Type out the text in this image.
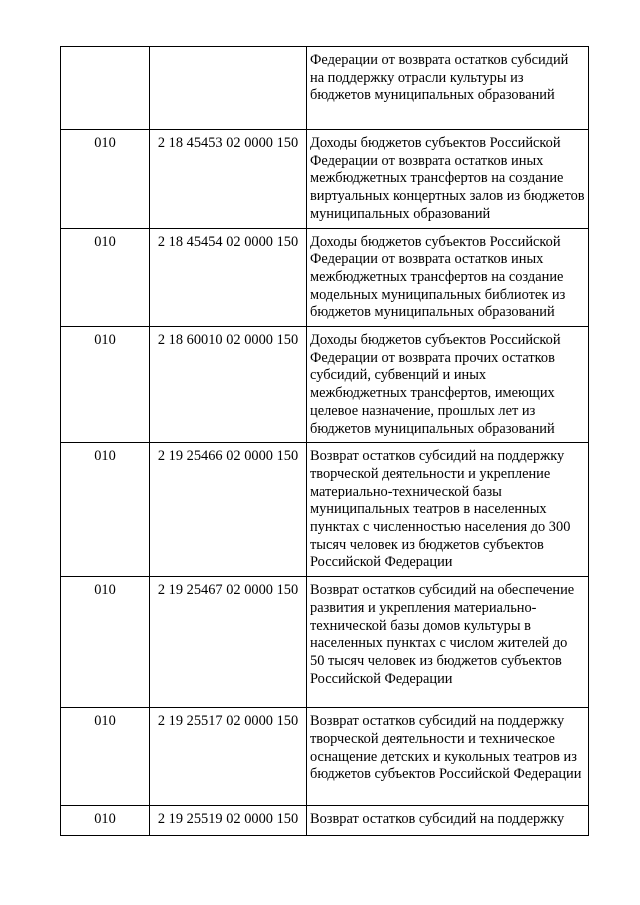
		Федерации от возврата остатков субсидий на поддержку отрасли культуры из бюджетов муниципальных образований
010	2 18 45453 02 0000 150	Доходы бюджетов субъектов Российской Федерации от возврата остатков иных межбюджетных трансфертов на создание виртуальных концертных залов из бюджетов муниципальных образований
010	2 18 45454 02 0000 150	Доходы бюджетов субъектов Российской Федерации от возврата остатков иных межбюджетных трансфертов на создание модельных муниципальных библиотек из бюджетов муниципальных образований
010	2 18 60010 02 0000 150	Доходы бюджетов субъектов Российской Федерации от возврата прочих остатков субсидий, субвенций и иных межбюджетных трансфертов, имеющих целевое назначение, прошлых лет из бюджетов муниципальных образований
010	2 19 25466 02 0000 150	Возврат остатков субсидий на поддержку творческой деятельности и укрепление материально-технической базы муниципальных театров в населенных пунктах с численностью населения до 300 тысяч человек из бюджетов субъектов Российской Федерации
010	2 19 25467 02 0000 150	Возврат остатков субсидий на обеспечение развития и укрепления материально-технической базы домов культуры в населенных пунктах с числом жителей до 50 тысяч человек из бюджетов субъектов Российской Федерации
010	2 19 25517 02 0000 150	Возврат остатков субсидий на поддержку творческой деятельности и техническое оснащение детских и кукольных театров из бюджетов субъектов Российской Федерации
010	2 19 25519 02 0000 150	Возврат остатков субсидий на поддержку
